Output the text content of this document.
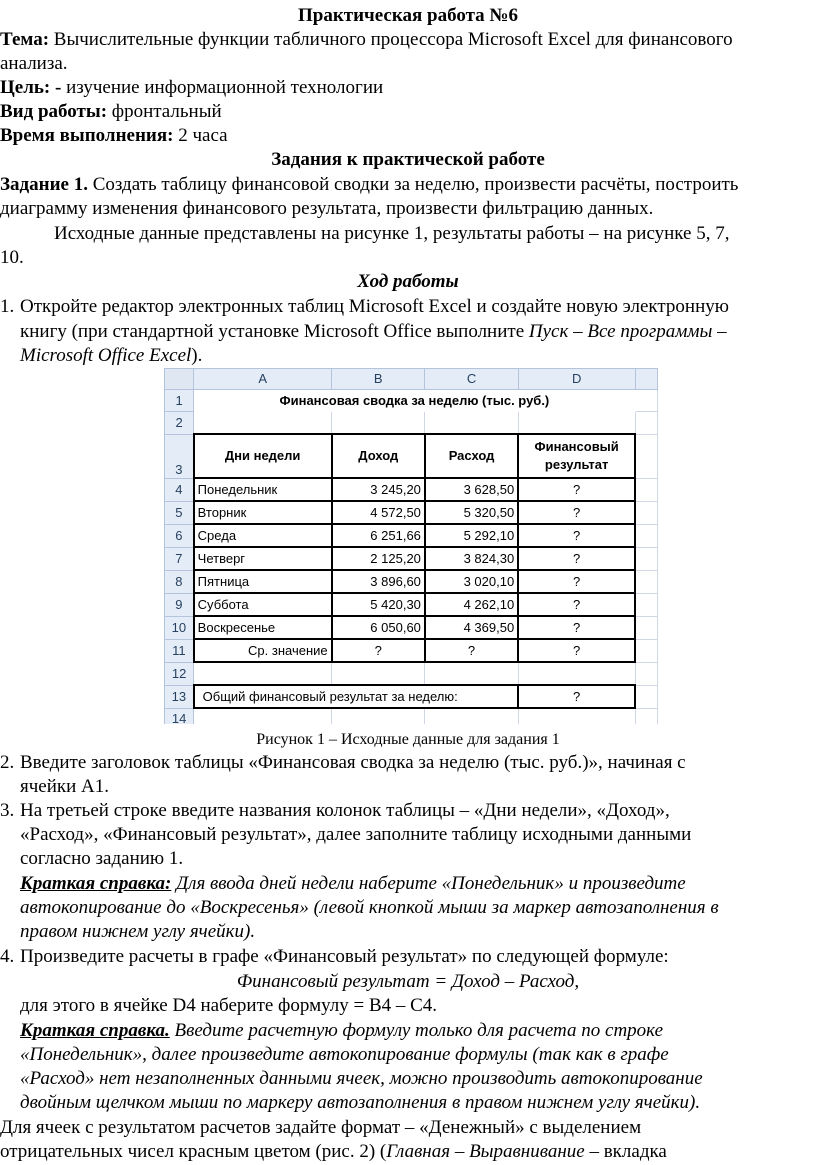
Практическая работа №6
Тема: Вычислительные функции табличного процессора Microsoft Excel для финансового
анализа.
Цель: - изучение информационной технологии
Вид работы: фронтальный
Время выполнения: 2 часа
Задания к практической работе
Задание 1. Создать таблицу финансовой сводки за неделю, произвести расчёты, построить
диаграмму изменения финансового результата, произвести фильтрацию данных.
Исходные данные представлены на рисунке 1, результаты работы – на рисунке 5, 7,
10.
Ход работы
1. Откройте редактор электронных таблиц Microsoft Excel и создайте новую электронную
книгу (при стандартной установке Microsoft Office выполните Пуск – Все программы –
Microsoft Office Excel).
	A	B	C	D	
1	Финансовая сводка за неделю (тыс. руб.)				
2					
3	Дни недели	Доход	Расход	Финансовый результат	
4	Понедельник	3 245,20	3 628,50	?	
5	Вторник	4 572,50	5 320,50	?	
6	Среда	6 251,66	5 292,10	?	
7	Четверг	2 125,20	3 824,30	?	
8	Пятница	3 896,60	3 020,10	?	
9	Суббота	5 420,30	4 262,10	?	
10	Воскресенье	6 050,60	4 369,50	?	
11	Ср. значение	?	?	?	
12					
13	Общий финансовый результат за неделю:			?	
14					
Рисунок 1 – Исходные данные для задания 1
2. Введите заголовок таблицы «Финансовая сводка за неделю (тыс. руб.)», начиная с
ячейки A1.
3. На третьей строке введите названия колонок таблицы – «Дни недели», «Доход»,
«Расход», «Финансовый результат», далее заполните таблицу исходными данными
согласно заданию 1.
Краткая справка: Для ввода дней недели наберите «Понедельник» и произведите
автокопирование до «Воскресенья» (левой кнопкой мыши за маркер автозаполнения в
правом нижнем углу ячейки).
4. Произведите расчеты в графе «Финансовый результат» по следующей формуле:
Финансовый результат = Доход – Расход,
для этого в ячейке D4 наберите формулу = B4 – C4.
Краткая справка. Введите расчетную формулу только для расчета по строке
«Понедельник», далее произведите автокопирование формулы (так как в графе
«Расход» нет незаполненных данными ячеек, можно производить автокопирование
двойным щелчком мыши по маркеру автозаполнения в правом нижнем углу ячейки).
Для ячеек с результатом расчетов задайте формат – «Денежный» с выделением
отрицательных чисел красным цветом (рис. 2) (Главная – Выравнивание – вкладка
